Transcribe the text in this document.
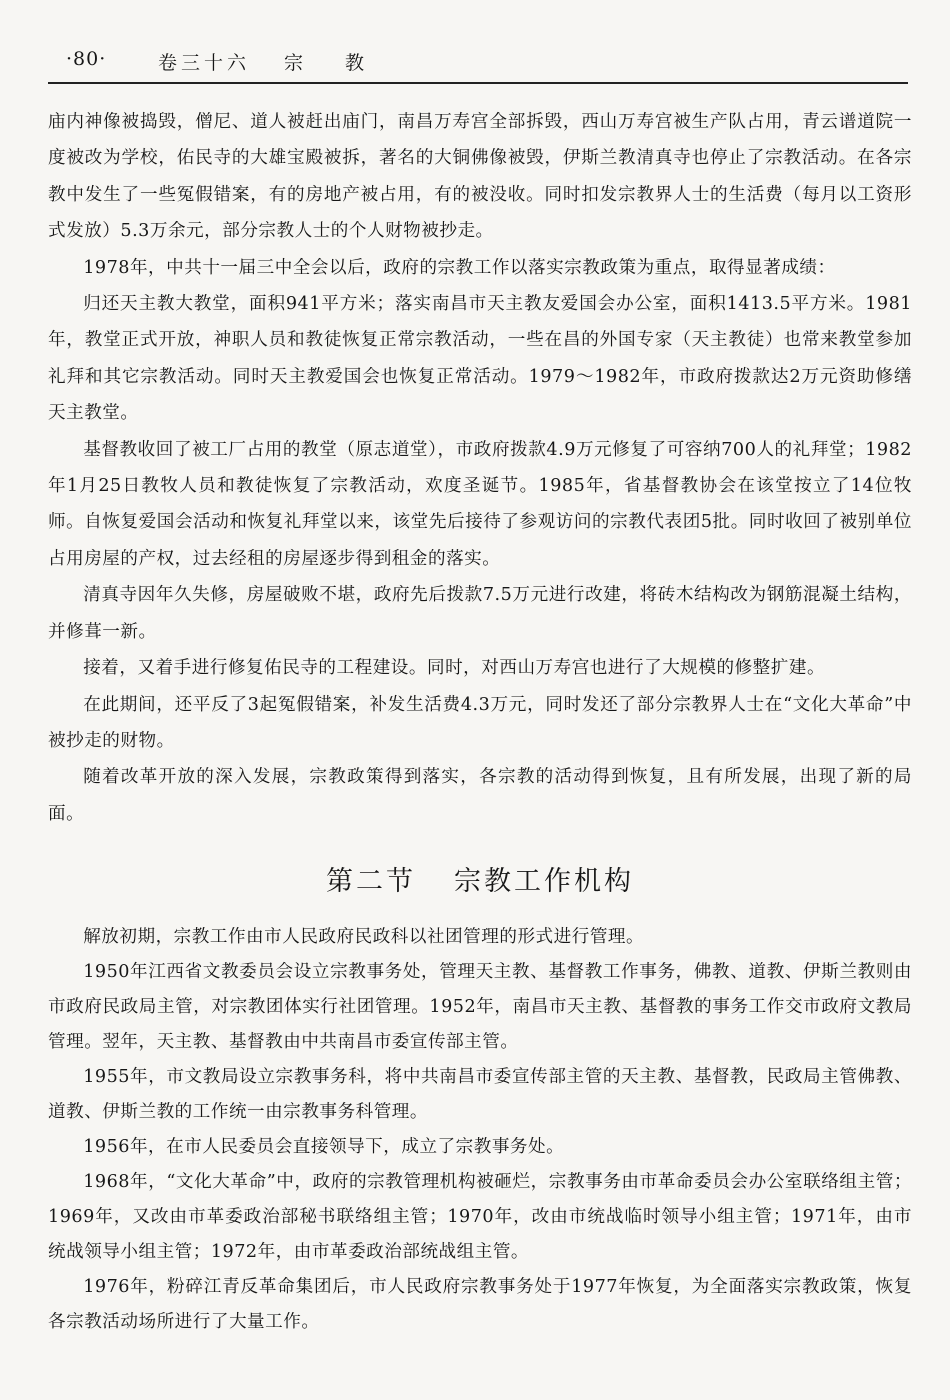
·80·	卷三十六 宗教

庙内神像被捣毁，僧尼、道人被赶出庙门，南昌万寿宫全部拆毁，西山万寿宫被生产队占用，青云谱道院一度被改为学校，佑民寺的大雄宝殿被拆，著名的大铜佛像被毁，伊斯兰教清真寺也停止了宗教活动。在各宗教中发生了一些冤假错案，有的房地产被占用，有的被没收。同时扣发宗教界人士的生活费（每月以工资形式发放）5.3万余元，部分宗教人士的个人财物被抄走。

1978年，中共十一届三中全会以后，政府的宗教工作以落实宗教政策为重点，取得显著成绩：

归还天主教大教堂，面积941平方米；落实南昌市天主教友爱国会办公室，面积1413.5平方米。1981年，教堂正式开放，神职人员和教徒恢复正常宗教活动，一些在昌的外国专家（天主教徒）也常来教堂参加礼拜和其它宗教活动。同时天主教爱国会也恢复正常活动。1979～1982年，市政府拨款达2万元资助修缮天主教堂。

基督教收回了被工厂占用的教堂（原志道堂），市政府拨款4.9万元修复了可容纳700人的礼拜堂；1982年1月25日教牧人员和教徒恢复了宗教活动，欢度圣诞节。1985年，省基督教协会在该堂按立了14位牧师。自恢复爱国会活动和恢复礼拜堂以来，该堂先后接待了参观访问的宗教代表团5批。同时收回了被别单位占用房屋的产权，过去经租的房屋逐步得到租金的落实。

清真寺因年久失修，房屋破败不堪，政府先后拨款7.5万元进行改建，将砖木结构改为钢筋混凝土结构，并修葺一新。

接着，又着手进行修复佑民寺的工程建设。同时，对西山万寿宫也进行了大规模的修整扩建。

在此期间，还平反了3起冤假错案，补发生活费4.3万元，同时发还了部分宗教界人士在“文化大革命”中被抄走的财物。

随着改革开放的深入发展，宗教政策得到落实，各宗教的活动得到恢复，且有所发展，出现了新的局面。

第二节 宗教工作机构

解放初期，宗教工作由市人民政府民政科以社团管理的形式进行管理。

1950年江西省文教委员会设立宗教事务处，管理天主教、基督教工作事务，佛教、道教、伊斯兰教则由市政府民政局主管，对宗教团体实行社团管理。1952年，南昌市天主教、基督教的事务工作交市政府文教局管理。翌年，天主教、基督教由中共南昌市委宣传部主管。

1955年，市文教局设立宗教事务科，将中共南昌市委宣传部主管的天主教、基督教，民政局主管佛教、道教、伊斯兰教的工作统一由宗教事务科管理。

1956年，在市人民委员会直接领导下，成立了宗教事务处。

1968年，“文化大革命”中，政府的宗教管理机构被砸烂，宗教事务由市革命委员会办公室联络组主管；1969年，又改由市革委政治部秘书联络组主管；1970年，改由市统战临时领导小组主管；1971年，由市统战领导小组主管；1972年，由市革委政治部统战组主管。

1976年，粉碎江青反革命集团后，市人民政府宗教事务处于1977年恢复，为全面落实宗教政策，恢复各宗教活动场所进行了大量工作。
